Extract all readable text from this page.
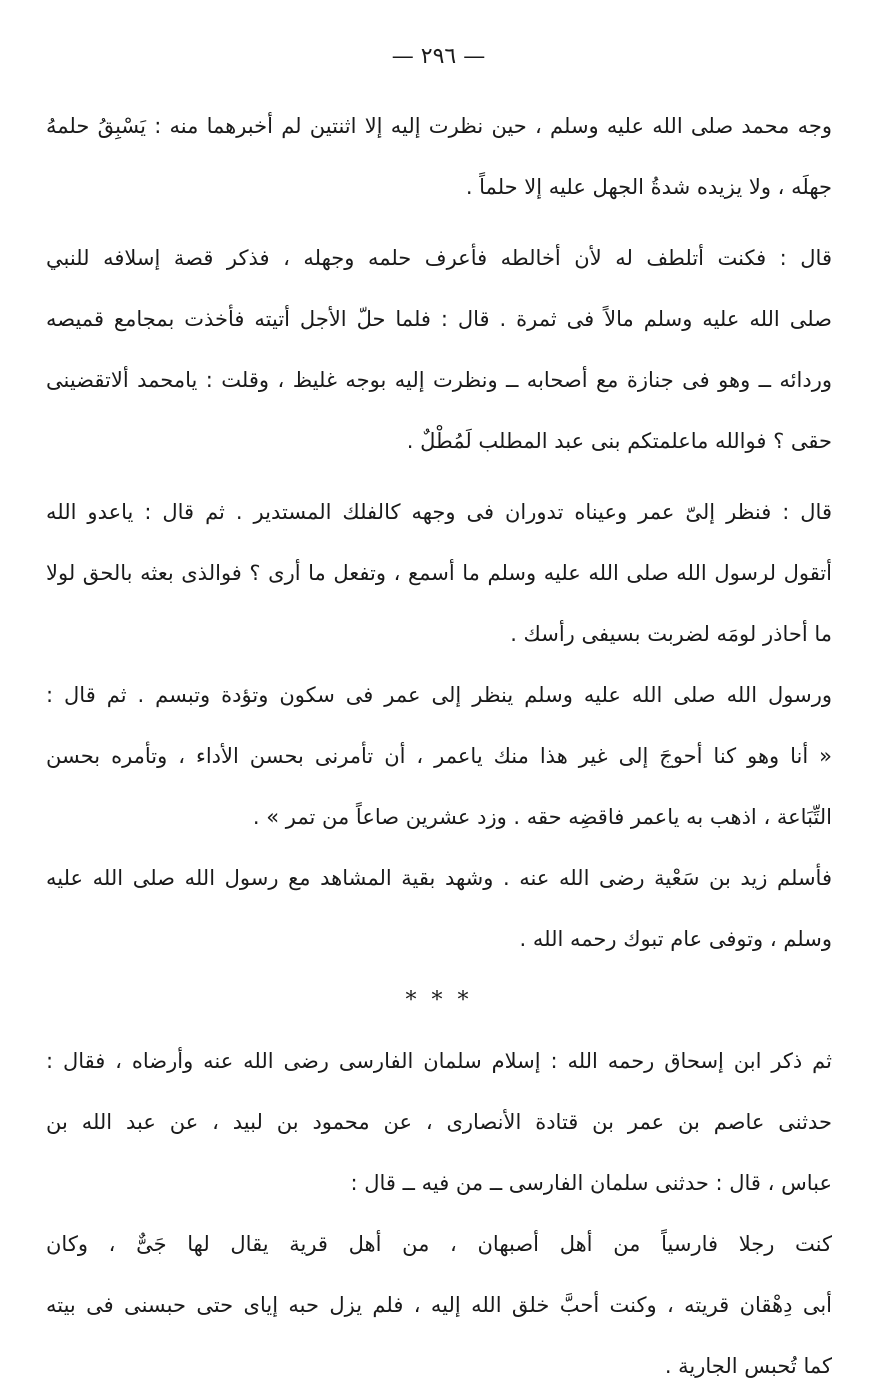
— ٢٩٦ —
وجه محمد صلى الله عليه وسلم ، حين نظرت إليه إلا اثنتين لم أخبرهما منه : يَسْبِقُ حلمهُ
جهلَه ، ولا يزيده شدةُ الجهل عليه إلا حلماً .
قال : فكنت أتلطف له لأن أخالطه فأعرف حلمه وجهله ، فذكر قصة إسلافه للنبي
صلى الله عليه وسلم مالاً فى ثمرة . قال : فلما حلّ الأجل أتيته فأخذت بمجامع قميصه
وردائه ــ وهو فى جنازة مع أصحابه ــ ونظرت إليه بوجه غليظ ، وقلت : يامحمد ألاتقضينى
حقى ؟ فوالله ماعلمتكم بنى عبد المطلب لَمُطْلٌ .
قال : فنظر إلىّ عمر وعيناه تدوران فى وجهه كالفلك المستدير . ثم قال : ياعدو الله
أتقول لرسول الله صلى الله عليه وسلم ما أسمع ، وتفعل ما أرى ؟ فوالذى بعثه بالحق لولا
ما أحاذر لومَه لضربت بسيفى رأسك .
ورسول الله صلى الله عليه وسلم ينظر إلى عمر فى سكون وتؤدة وتبسم . ثم قال :
« أنا وهو كنا أحوجَ إلى غير هذا منك ياعمر ، أن تأمرنى بحسن الأداء ، وتأمره بحسن
التِّبَاعة ، اذهب به ياعمر فاقضِه حقه . وزد عشرين صاعاً من تمر » .
فأسلم زيد بن سَعْية رضى الله عنه . وشهد بقية المشاهد مع رسول الله صلى الله عليه
وسلم ، وتوفى عام تبوك رحمه الله .
* * *
ثم ذكر ابن إسحاق رحمه الله : إسلام سلمان الفارسى رضى الله عنه وأرضاه ، فقال :
حدثنى عاصم بن عمر بن قتادة الأنصارى ، عن محمود بن لبيد ، عن عبد الله بن
عباس ، قال : حدثنى سلمان الفارسى ــ من فيه ــ قال :
كنت رجلا فارسياً من أهل أصبهان ، من أهل قرية يقال لها جَىٌّ ، وكان
أبى دِهْقان قريته ، وكنت أحبَّ خلق الله إليه ، فلم يزل حبه إياى حتى حبسنى فى بيته
كما تُحبس الجارية .
